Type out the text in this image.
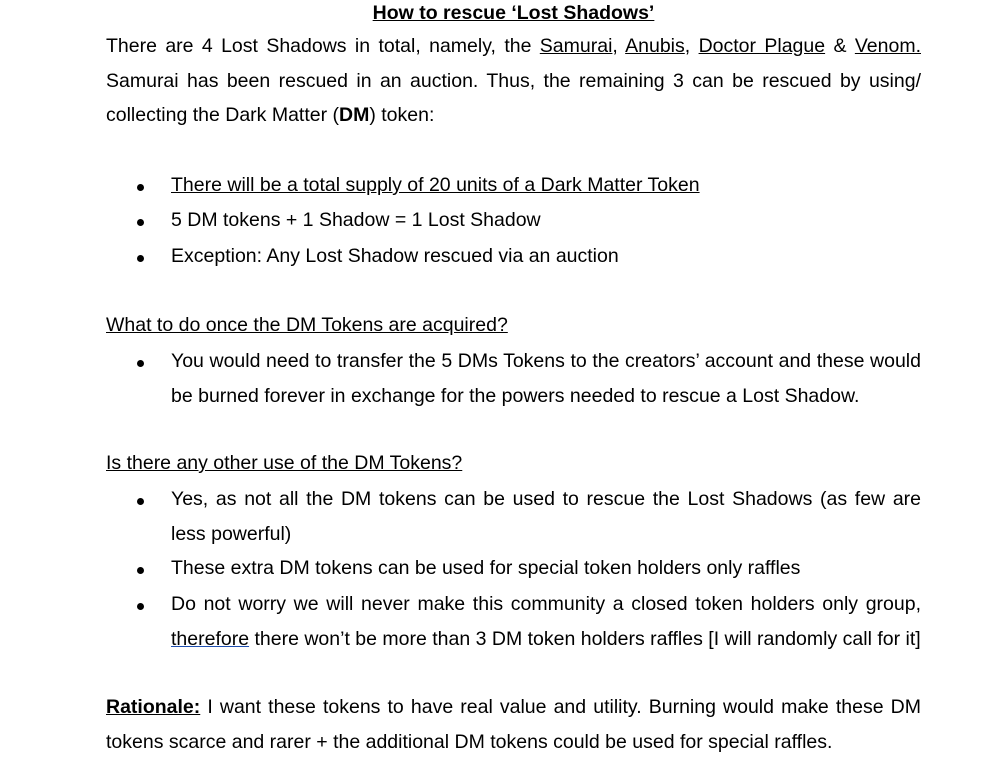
How to rescue ‘Lost Shadows’
There are 4 Lost Shadows in total, namely, the Samurai, Anubis, Doctor Plague & Venom. Samurai has been rescued in an auction. Thus, the remaining 3 can be rescued by using/ collecting the Dark Matter (DM) token:
There will be a total supply of 20 units of a Dark Matter Token
5 DM tokens + 1 Shadow = 1 Lost Shadow
Exception: Any Lost Shadow rescued via an auction
What to do once the DM Tokens are acquired?
You would need to transfer the 5 DMs Tokens to the creators’ account and these would be burned forever in exchange for the powers needed to rescue a Lost Shadow.
Is there any other use of the DM Tokens?
Yes, as not all the DM tokens can be used to rescue the Lost Shadows (as few are less powerful)
These extra DM tokens can be used for special token holders only raffles
Do not worry we will never make this community a closed token holders only group, therefore there won’t be more than 3 DM token holders raffles [I will randomly call for it]
Rationale: I want these tokens to have real value and utility. Burning would make these DM tokens scarce and rarer + the additional DM tokens could be used for special raffles.
